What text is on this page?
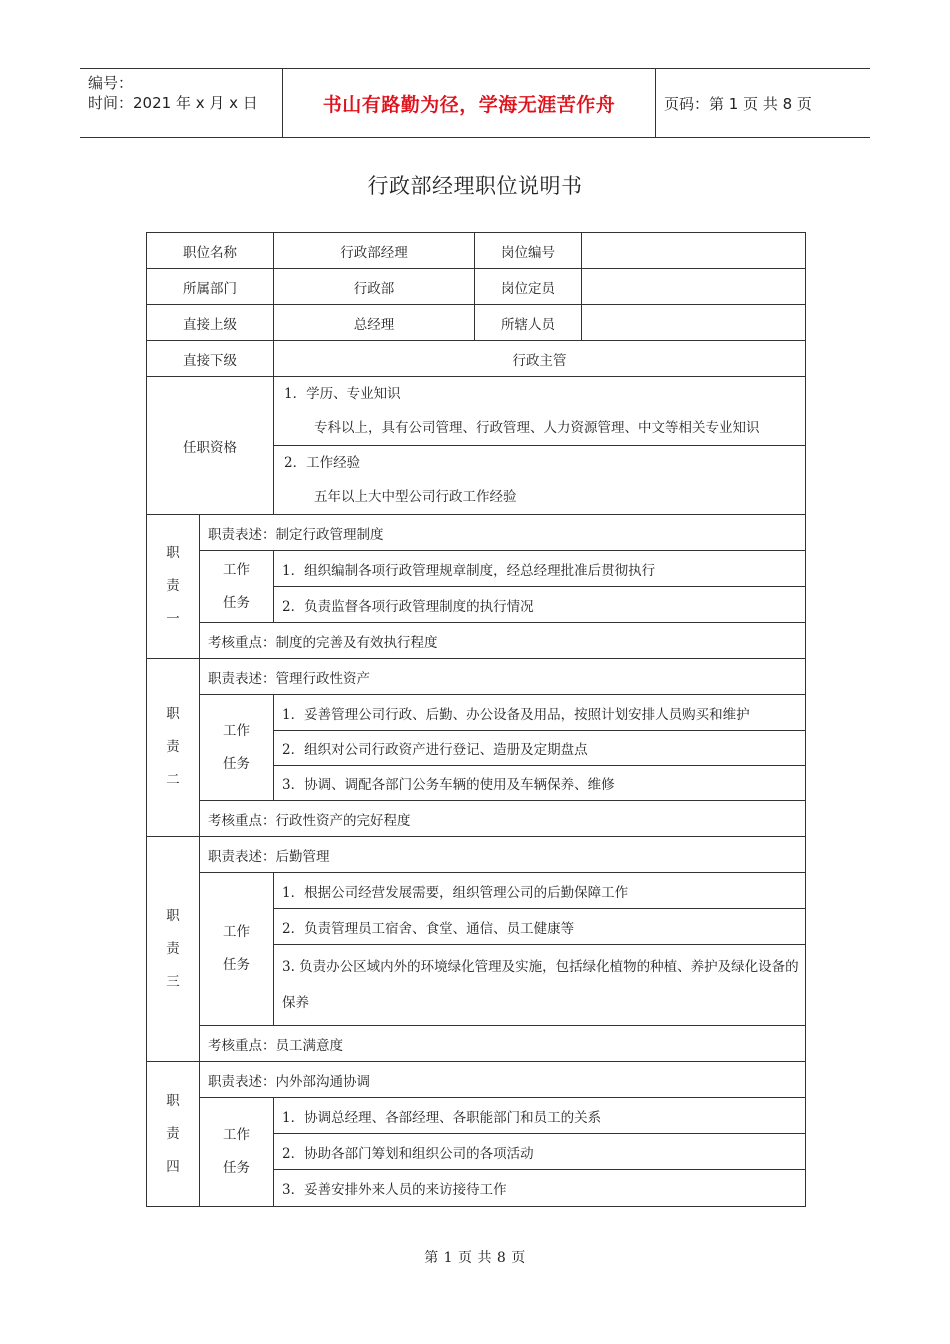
编号：
时间：2021 年 x 月 x 日	书山有路勤为径，学海无涯苦作舟	页码：第 1 页 共 8 页
行政部经理职位说明书
职位名称		行政部经理	岗位编号	
所属部门		行政部	岗位定员	
直接上级		总经理	所辖人员	
直接下级		行政主管		
任职资格		1．学历、专业知识
专科以上，具有公司管理、行政管理、人力资源管理、中文等相关专业知识		

		2．工作经验
五年以上大中型公司行政工作经验		

职
责
一	职责表述：制定行政管理制度			

	工作
任务	1．组织编制各项行政管理规章制度，经总经理批准后贯彻执行		
		2．负责监督各项行政管理制度的执行情况		
	考核重点：制度的完善及有效执行程度			

职
责
二	职责表述：管理行政性资产			

	工作
任务	1．妥善管理公司行政、后勤、办公设备及用品，按照计划安排人员购买和维护		
		2．组织对公司行政资产进行登记、造册及定期盘点		
		3．协调、调配各部门公务车辆的使用及车辆保养、维修		
	考核重点：行政性资产的完好程度			

职
责
三	职责表述：后勤管理			

	工作
任务	1．根据公司经营发展需要，组织管理公司的后勤保障工作		
		2．负责管理员工宿舍、食堂、通信、员工健康等		
		3. 负责办公区域内外的环境绿化管理及实施，包括绿化植物的种植、养护及绿化设备的保养		
	考核重点：员工满意度			

职
责
四	职责表述：内外部沟通协调			

	工作
任务	1．协调总经理、各部经理、各职能部门和员工的关系		
		2．协助各部门筹划和组织公司的各项活动		
		3．妥善安排外来人员的来访接待工作		
第 1 页 共 8 页
